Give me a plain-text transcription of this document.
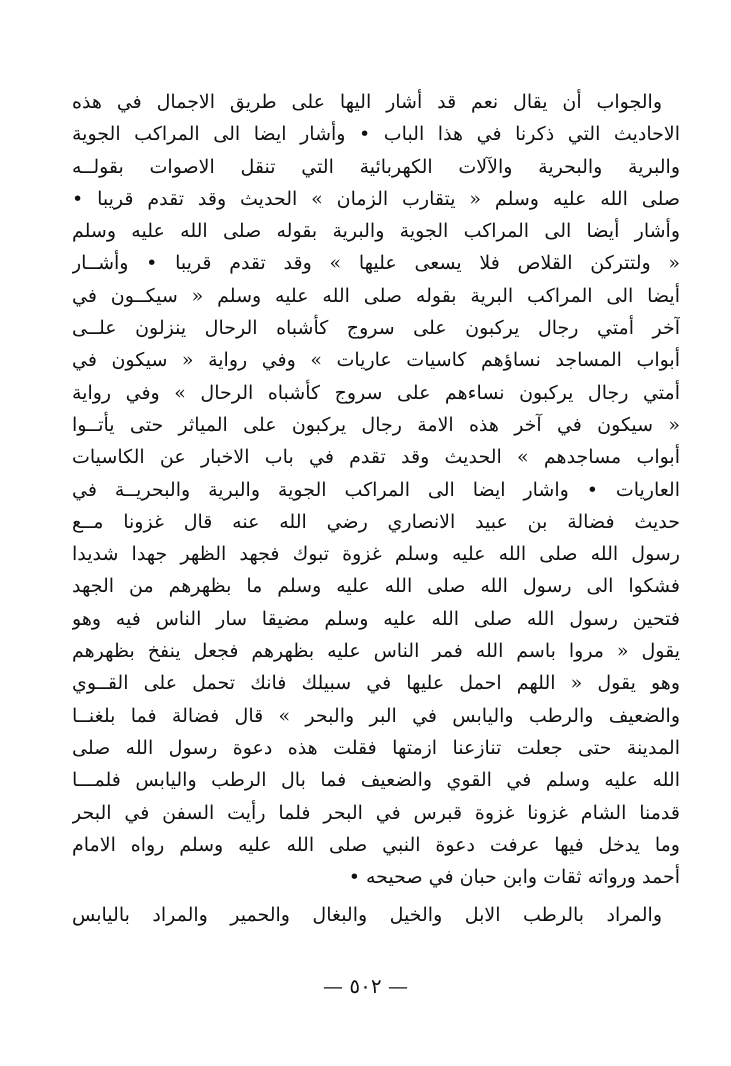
والجواب أن يقال نعم قد أشار اليها على طريق الاجمال في هذه
الاحاديث التي ذكرنا في هذا الباب • وأشار ايضا الى المراكب الجوية
والبرية والبحرية والآلات الكهربائية التي تنقل الاصوات بقولــه
صلى الله عليه وسلم « يتقارب الزمان » الحديث وقد تقدم قريبا •
وأشار أيضا الى المراكب الجوية والبرية بقوله صلى الله عليه وسلم
« ولتتركن القلاص فلا يسعى عليها » وقد تقدم قريبا • وأشــار
أيضا الى المراكب البرية بقوله صلى الله عليه وسلم « سيكــون في
آخر أمتي رجال يركبون على سروج كأشباه الرحال ينزلون علــى
أبواب المساجد نساؤهم كاسيات عاريات » وفي رواية « سيكون في
أمتي رجال يركبون نساءهم على سروج كأشباه الرحال » وفي رواية
« سيكون في آخر هذه الامة رجال يركبون على المياثر حتى يأتــوا
أبواب مساجدهم » الحديث وقد تقدم في باب الاخبار عن الكاسيات
العاريات • واشار ايضا الى المراكب الجوية والبرية والبحريــة في
حديث فضالة بن عبيد الانصاري رضي الله عنه قال غزونا مــع
رسول الله صلى الله عليه وسلم غزوة تبوك فجهد الظهر جهدا شديدا
فشكوا الى رسول الله صلى الله عليه وسلم ما بظهرهم من الجهد
فتحين رسول الله صلى الله عليه وسلم مضيقا سار الناس فيه وهو
يقول « مروا باسم الله فمر الناس عليه بظهرهم فجعل ينفخ بظهرهم
وهو يقول « اللهم احمل عليها في سبيلك فانك تحمل على القــوي
والضعيف والرطب واليابس في البر والبحر » قال فضالة فما بلغنــا
المدينة حتى جعلت تنازعنا ازمتها فقلت هذه دعوة رسول الله صلى
الله عليه وسلم في القوي والضعيف فما بال الرطب واليابس فلمـــا
قدمنا الشام غزونا غزوة قبرس في البحر فلما رأيت السفن في البحر
وما يدخل فيها عرفت دعوة النبي صلى الله عليه وسلم رواه الامام
أحمد ورواته ثقات وابن حبان في صحيحه •
والمراد بالرطب الابل والخيل والبغال والحمير والمراد باليابس
— ٥٠٢ —
